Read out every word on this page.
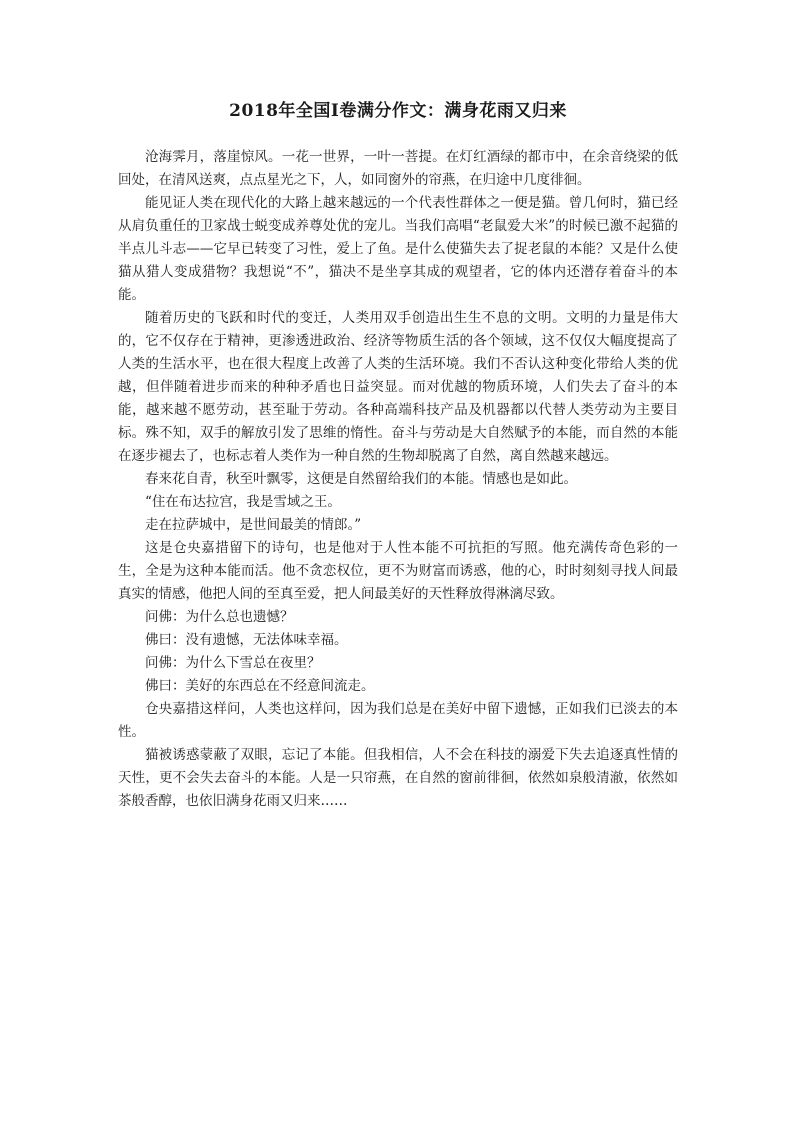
2018年全国Ⅰ卷满分作文：满身花雨又归来

沧海霁月，落崖惊风。一花一世界，一叶一菩提。在灯红酒绿的都市中，在余音绕梁的低回处，在清风送爽，点点星光之下，人，如同窗外的帘燕，在归途中几度徘徊。

能见证人类在现代化的大路上越来越远的一个代表性群体之一便是猫。曾几何时，猫已经从肩负重任的卫家战士蜕变成养尊处优的宠儿。当我们高唱“老鼠爱大米”的时候已激不起猫的半点儿斗志——它早已转变了习性，爱上了鱼。是什么使猫失去了捉老鼠的本能？又是什么使猫从猎人变成猎物？我想说“不”，猫决不是坐享其成的观望者，它的体内还潜存着奋斗的本能。

随着历史的飞跃和时代的变迁，人类用双手创造出生生不息的文明。文明的力量是伟大的，它不仅存在于精神，更渗透进政治、经济等物质生活的各个领域，这不仅仅大幅度提高了人类的生活水平，也在很大程度上改善了人类的生活环境。我们不否认这种变化带给人类的优越，但伴随着进步而来的种种矛盾也日益突显。而对优越的物质环境，人们失去了奋斗的本能，越来越不愿劳动，甚至耻于劳动。各种高端科技产品及机器都以代替人类劳动为主要目标。殊不知，双手的解放引发了思维的惰性。奋斗与劳动是大自然赋予的本能，而自然的本能在逐步褪去了，也标志着人类作为一种自然的生物却脱离了自然，离自然越来越远。

春来花自青，秋至叶飘零，这便是自然留给我们的本能。情感也是如此。

“住在布达拉宫，我是雪域之王。

走在拉萨城中，是世间最美的情郎。”

这是仓央嘉措留下的诗句，也是他对于人性本能不可抗拒的写照。他充满传奇色彩的一生，全是为这种本能而活。他不贪恋权位，更不为财富而诱惑，他的心，时时刻刻寻找人间最真实的情感，他把人间的至真至爱，把人间最美好的天性释放得淋漓尽致。

问佛：为什么总也遗憾？

佛曰：没有遗憾，无法体味幸福。

问佛：为什么下雪总在夜里？

佛曰：美好的东西总在不经意间流走。

仓央嘉措这样问，人类也这样问，因为我们总是在美好中留下遗憾，正如我们已淡去的本性。

猫被诱惑蒙蔽了双眼，忘记了本能。但我相信，人不会在科技的溺爱下失去追逐真性情的天性，更不会失去奋斗的本能。人是一只帘燕，在自然的窗前徘徊，依然如泉般清澈，依然如茶般香醇，也依旧满身花雨又归来……
